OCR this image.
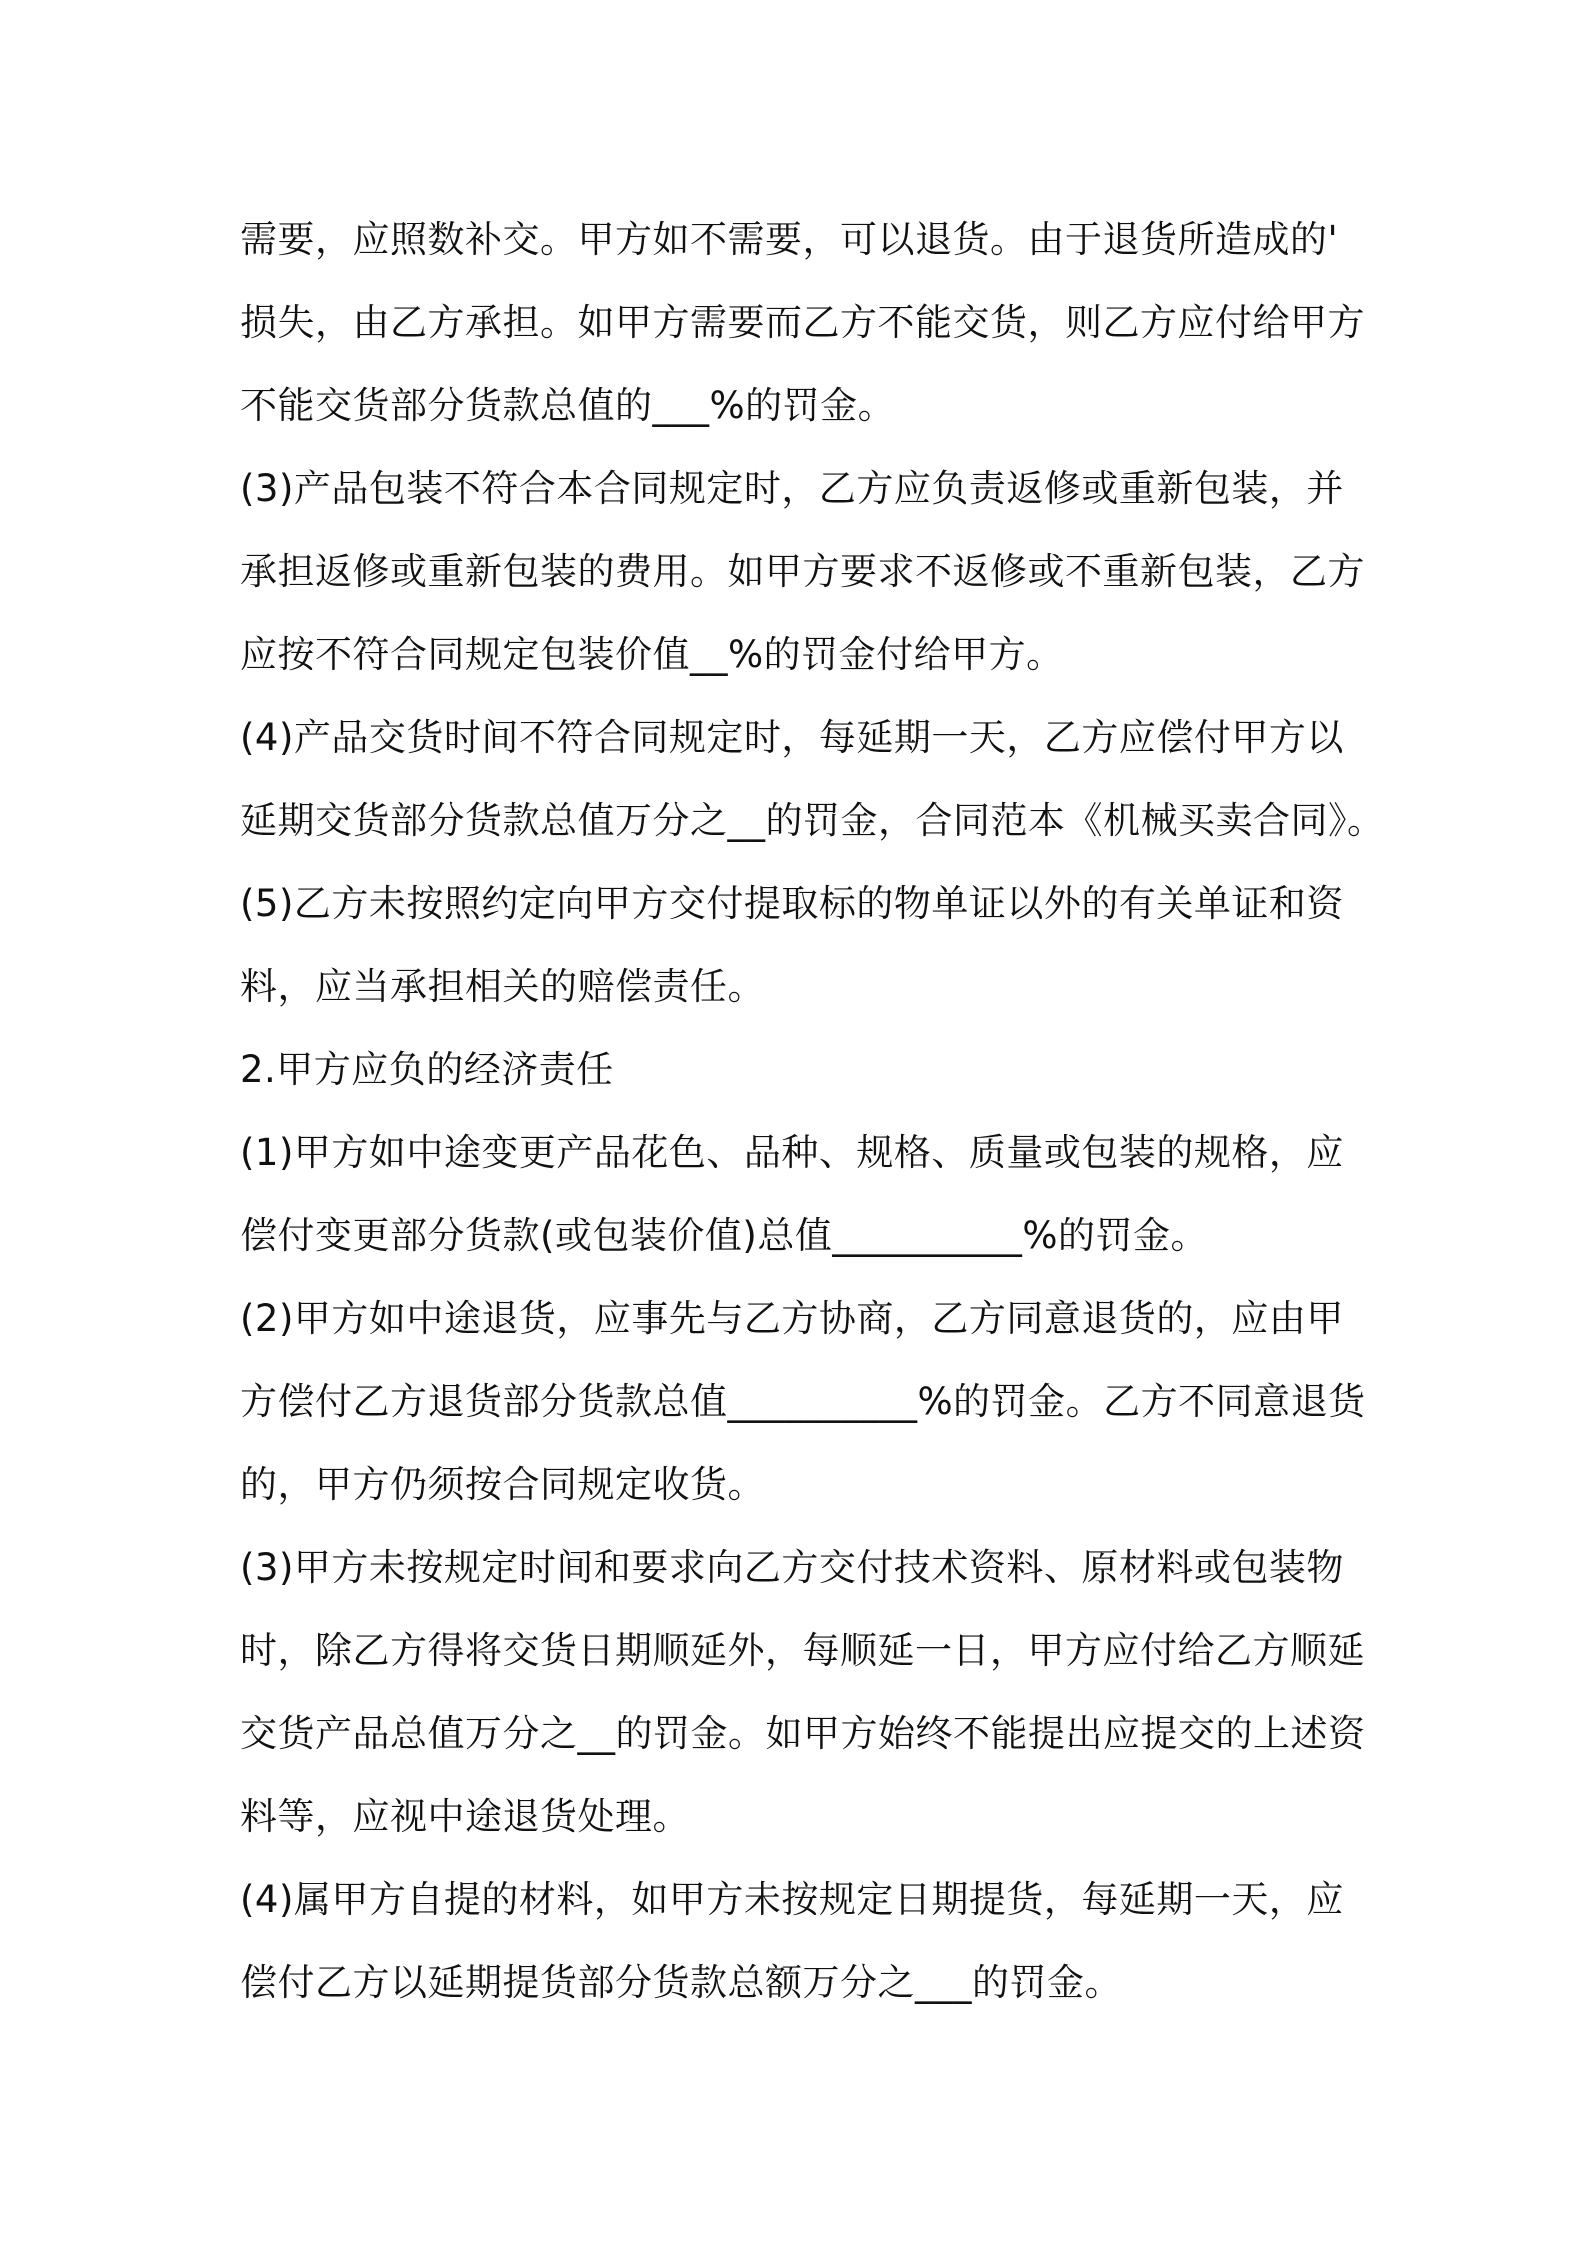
需要，应照数补交。甲方如不需要，可以退货。由于退货所造成的'
损失，由乙方承担。如甲方需要而乙方不能交货，则乙方应付给甲方
不能交货部分货款总值的___%的罚金。
(3)产品包装不符合本合同规定时，乙方应负责返修或重新包装，并
承担返修或重新包装的费用。如甲方要求不返修或不重新包装，乙方
应按不符合同规定包装价值__%的罚金付给甲方。
(4)产品交货时间不符合同规定时，每延期一天，乙方应偿付甲方以
延期交货部分货款总值万分之__的罚金，合同范本《机械买卖合同》。
(5)乙方未按照约定向甲方交付提取标的物单证以外的有关单证和资
料，应当承担相关的赔偿责任。
2.甲方应负的经济责任
(1)甲方如中途变更产品花色、品种、规格、质量或包装的规格，应
偿付变更部分货款(或包装价值)总值__________%的罚金。
(2)甲方如中途退货，应事先与乙方协商，乙方同意退货的，应由甲
方偿付乙方退货部分货款总值__________%的罚金。乙方不同意退货
的，甲方仍须按合同规定收货。
(3)甲方未按规定时间和要求向乙方交付技术资料、原材料或包装物
时，除乙方得将交货日期顺延外，每顺延一日，甲方应付给乙方顺延
交货产品总值万分之__的罚金。如甲方始终不能提出应提交的上述资
料等，应视中途退货处理。
(4)属甲方自提的材料，如甲方未按规定日期提货，每延期一天，应
偿付乙方以延期提货部分货款总额万分之___的罚金。
